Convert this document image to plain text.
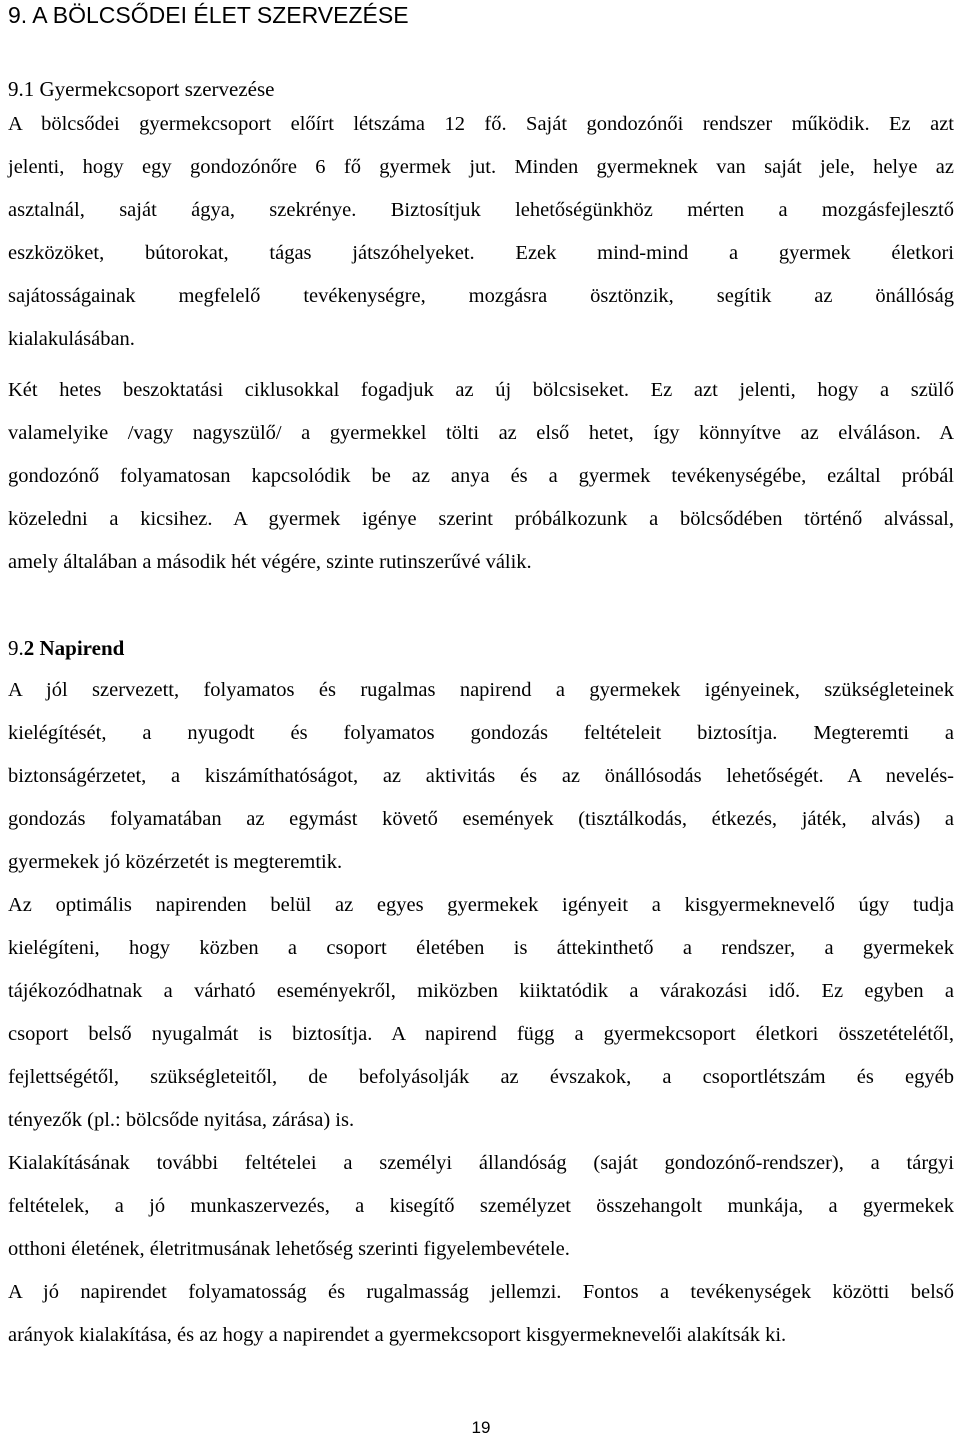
9. A BÖLCSŐDEI ÉLET SZERVEZÉSE
9.1 Gyermekcsoport szervezése
A bölcsődei gyermekcsoport előírt létszáma 12 fő. Saját gondozónői rendszer működik. Ez azt
jelenti, hogy egy gondozónőre 6 fő gyermek jut. Minden gyermeknek van saját jele, helye az
asztalnál, saját ágya, szekrénye. Biztosítjuk lehetőségünkhöz mérten a mozgásfejlesztő
eszközöket, bútorokat, tágas játszóhelyeket. Ezek mind-mind a gyermek életkori
sajátosságainak megfelelő tevékenységre, mozgásra ösztönzik, segítik az önállóság
kialakulásában.
Két hetes beszoktatási ciklusokkal fogadjuk az új bölcsiseket. Ez azt jelenti, hogy a szülő
valamelyike /vagy nagyszülő/ a gyermekkel tölti az első hetet, így könnyítve az elváláson. A
gondozónő folyamatosan kapcsolódik be az anya és a gyermek tevékenységébe, ezáltal próbál
közeledni a kicsihez. A gyermek igénye szerint próbálkozunk a bölcsődében történő alvással,
amely általában a második hét végére, szinte rutinszerűvé válik.
9.2 Napirend
A jól szervezett, folyamatos és rugalmas napirend a gyermekek igényeinek, szükségleteinek
kielégítését, a nyugodt és folyamatos gondozás feltételeit biztosítja. Megteremti a
biztonságérzetet, a kiszámíthatóságot, az aktivitás és az önállósodás lehetőségét. A nevelés-
gondozás folyamatában az egymást követő események (tisztálkodás, étkezés, játék, alvás) a
gyermekek jó közérzetét is megteremtik.
Az optimális napirenden belül az egyes gyermekek igényeit a kisgyermeknevelő úgy tudja
kielégíteni, hogy közben a csoport életében is áttekinthető a rendszer, a gyermekek
tájékozódhatnak a várható eseményekről, miközben kiiktatódik a várakozási idő. Ez egyben a
csoport belső nyugalmát is biztosítja. A napirend függ a gyermekcsoport életkori összetételétől,
fejlettségétől, szükségleteitől, de befolyásolják az évszakok, a csoportlétszám és egyéb
tényezők (pl.: bölcsőde nyitása, zárása) is.
Kialakításának további feltételei a személyi állandóság (saját gondozónő-rendszer), a tárgyi
feltételek, a jó munkaszervezés, a kisegítő személyzet összehangolt munkája, a gyermekek
otthoni életének, életritmusának lehetőség szerinti figyelembevétele.
A jó napirendet folyamatosság és rugalmasság jellemzi. Fontos a tevékenységek közötti belső
arányok kialakítása, és az hogy a napirendet a gyermekcsoport kisgyermeknevelői alakítsák ki.
19
